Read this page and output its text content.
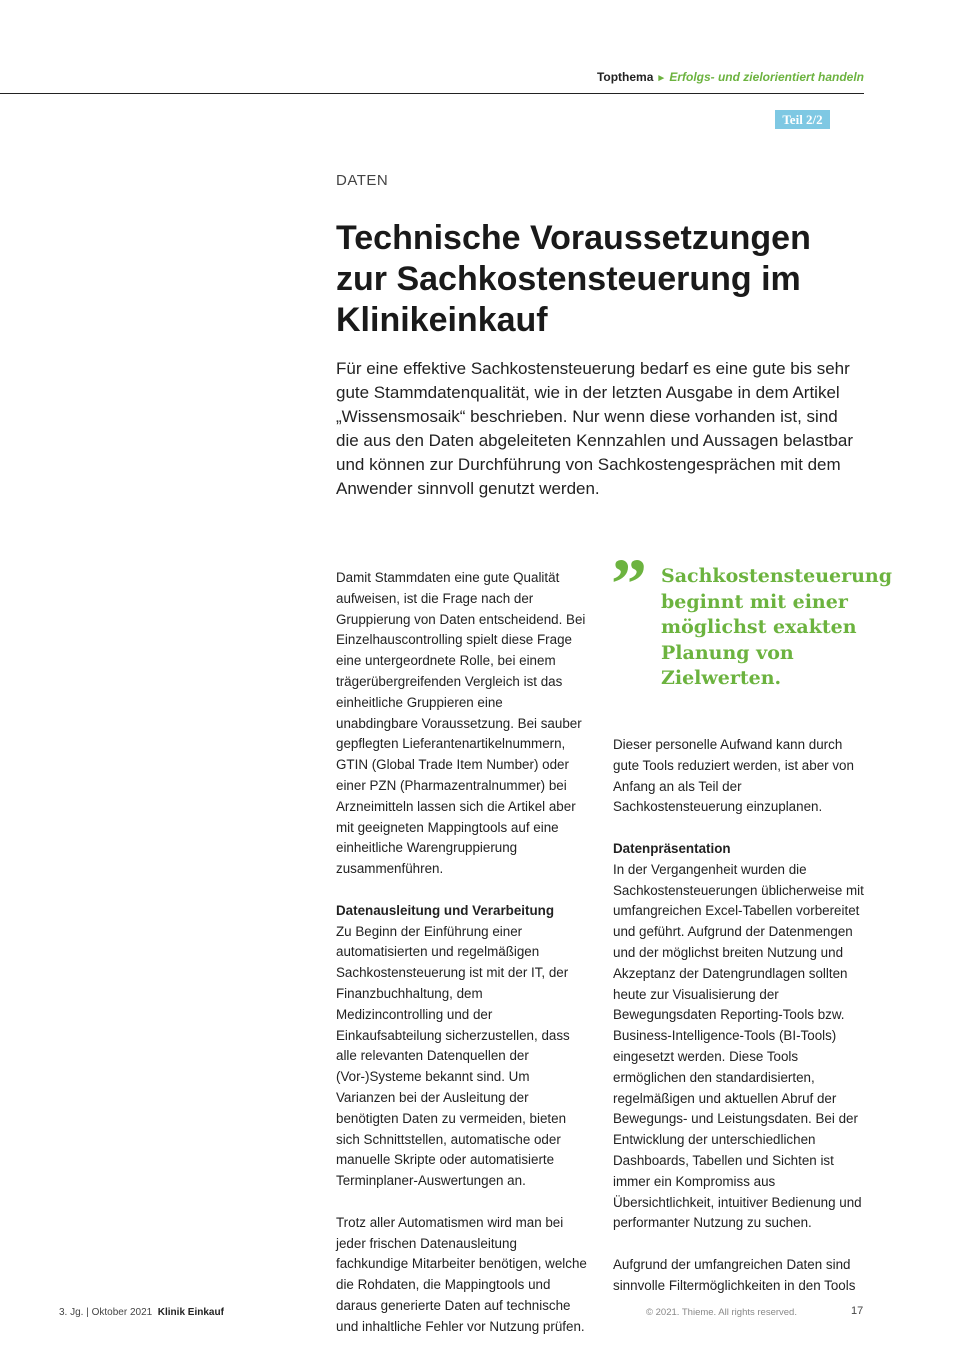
Topthema ► Erfolgs- und zielorientiert handeln
Teil 2/2
DATEN
Technische Voraussetzungen zur Sachkostensteuerung im Klinikeinkauf

Für eine effektive Sachkostensteuerung bedarf es eine gute bis sehr gute Stammdatenqualität, wie in der letzten Ausgabe in dem Artikel „Wissensmosaik“ beschrieben. Nur wenn diese vorhanden ist, sind die aus den Daten abgeleiteten Kennzahlen und Aussagen belastbar und können zur Durchführung von Sachkostengesprächen mit dem Anwender sinnvoll genutzt werden.

Damit Stammdaten eine gute Qualität aufweisen, ist die Frage nach der Gruppierung von Daten entscheidend. Bei Einzelhauscontrolling spielt diese Frage eine untergeordnete Rolle, bei einem trägerübergreifenden Vergleich ist das einheitliche Gruppieren eine unabdingbare Voraussetzung. Bei sauber gepflegten Lieferantenartikelnummern, GTIN (Global Trade Item Number) oder einer PZN (Pharmazentralnummer) bei Arzneimitteln lassen sich die Artikel aber mit geeigneten Mappingtools auf eine einheitliche Warengruppierung zusammenführen.

Datenausleitung und Verarbeitung

Zu Beginn der Einführung einer automatisierten und regelmäßigen Sachkostensteuerung ist mit der IT, der Finanzbuchhaltung, dem Medizincontrolling und der Einkaufsabteilung sicherzustellen, dass alle relevanten Datenquellen der (Vor-)Systeme bekannt sind. Um Varianzen bei der Ausleitung der benötigten Daten zu vermeiden, bieten sich Schnittstellen, automatische oder manuelle Skripte oder automatisierte Terminplaner-Auswertungen an.

Trotz aller Automatismen wird man bei jeder frischen Datenausleitung fachkundige Mitarbeiter benötigen, welche die Rohdaten, die Mappingtools und daraus generierte Daten auf technische und inhaltliche Fehler vor Nutzung prüfen.

” Sachkostensteuerung beginnt mit einer möglichst exakten Planung von Zielwerten.

Dieser personelle Aufwand kann durch gute Tools reduziert werden, ist aber von Anfang an als Teil der Sachkostensteuerung einzuplanen.

Datenpräsentation

In der Vergangenheit wurden die Sachkostensteuerungen üblicherweise mit umfangreichen Excel-Tabellen vorbereitet und geführt. Aufgrund der Datenmengen und der möglichst breiten Nutzung und Akzeptanz der Datengrundlagen sollten heute zur Visualisierung der Bewegungsdaten Reporting-Tools bzw. Business-Intelligence-Tools (BI-Tools) eingesetzt werden. Diese Tools ermöglichen den standardisierten, regelmäßigen und aktuellen Abruf der Bewegungs- und Leistungsdaten. Bei der Entwicklung der unterschiedlichen Dashboards, Tabellen und Sichten ist immer ein Kompromiss aus Übersichtlichkeit, intuitiver Bedienung und performanter Nutzung zu suchen.

Aufgrund der umfangreichen Daten sind sinnvolle Filtermöglichkeiten in den Tools

3. Jg. | Oktober 2021 Klinik Einkauf	© 2021. Thieme. All rights reserved.	17
